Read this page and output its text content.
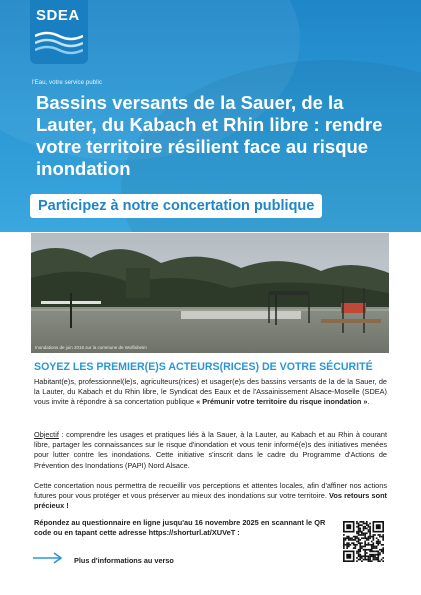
SDEA
l'Eau, votre service public
Bassins versants de la Sauer, de la Lauter, du Kabach et Rhin libre : rendre votre territoire résilient face au risque inondation
Participez à notre concertation publique
Inondations de juin 2016 sur la commune de Wolfisheim
SOYEZ LES PREMIER(E)S ACTEURS(RICES) DE VOTRE SÉCURITÉ

Habitant(e)s, professionnel(le)s, agriculteurs(rices) et usager(e)s des bassins versants de la de la Sauer, de la Lauter, du Kabach et du Rhin libre, le Syndicat des Eaux et de l'Assainissement Alsace-Moselle (SDEA) vous invite à répondre à sa concertation publique « Prémunir votre territoire du risque inondation ».

Objectif : comprendre les usages et pratiques liés à la Sauer, à la Lauter, au Kabach et au Rhin à courant libre, partager les connaissances sur le risque d'inondation et vous tenir informé(e)s des initiatives menées pour lutter contre les inondations. Cette initiative s'inscrit dans le cadre du Programme d'Actions de Prévention des Inondations (PAPI) Nord Alsace.

Cette concertation nous permettra de recueillir vos perceptions et attentes locales, afin d'affiner nos actions futures pour vous protéger et vous préserver au mieux des inondations sur votre territoire. Vos retours sont précieux !

Répondez au questionnaire en ligne jusqu'au 16 novembre 2025 en scannant le QR code ou en tapant cette adresse https://shorturl.at/XUVeT :
Plus d'informations au verso
